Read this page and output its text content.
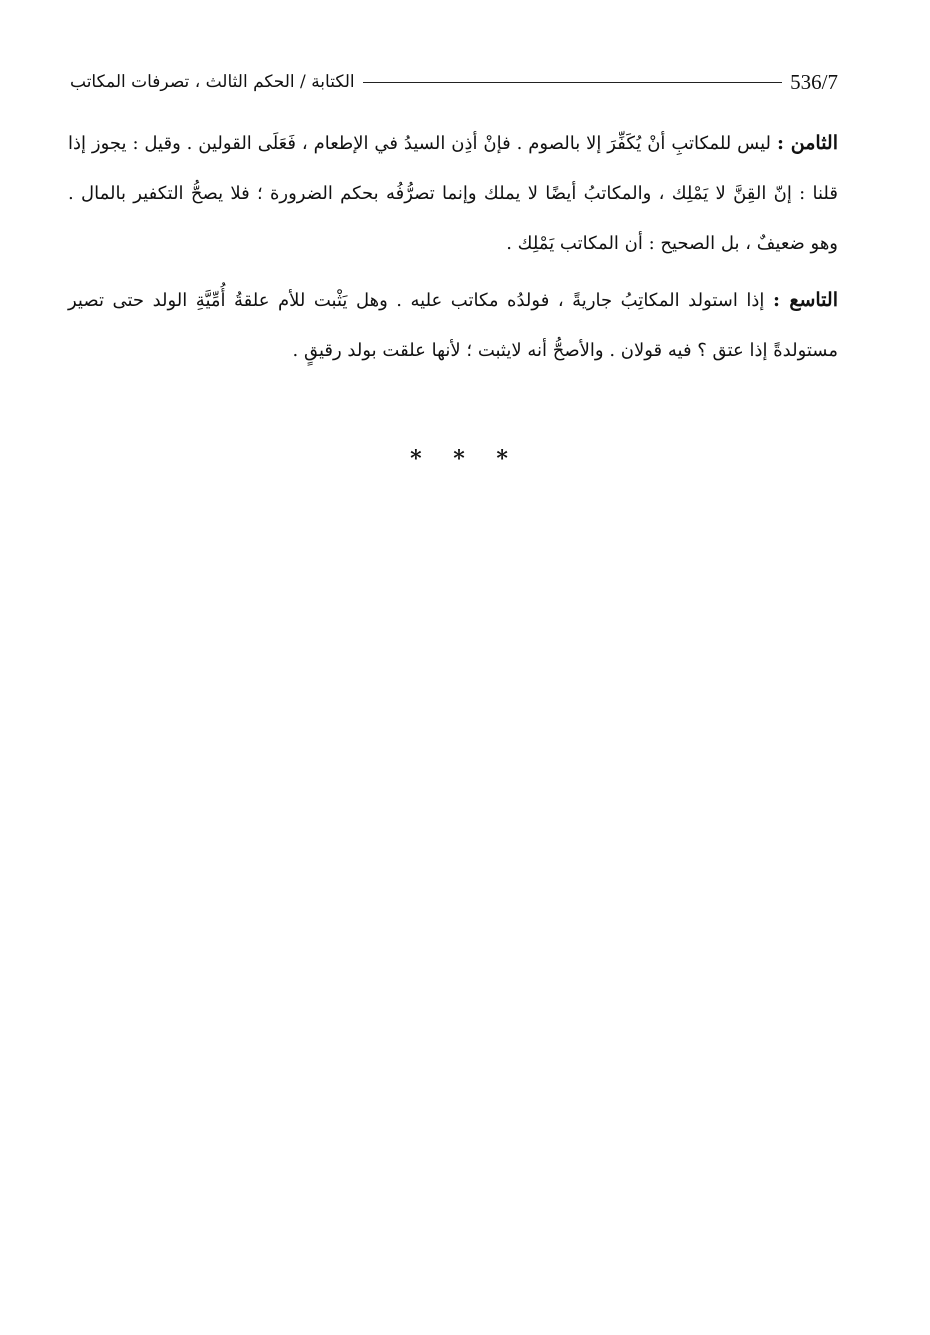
536/7
الكتابة / الحكم الثالث ، تصرفات المكاتب

الثامن : ليس للمكاتبِ أنْ يُكَفِّرَ إلا بالصوم . فإنْ أذِن السيدُ في الإطعام ، فَعَلَى القولين . وقيل : يجوز إذا قلنا : إنّ القِنَّ لا يَمْلِك ، والمكاتبُ أيضًا لا يملك وإنما تصرُّفُه بحكم الضرورة ؛ فلا يصحُّ التكفير بالمال . وهو ضعيفٌ ، بل الصحيح : أن المكاتب يَمْلِك .

التاسع : إذا استولد المكاتِبُ جاريةً ، فولدُه مكاتب عليه . وهل يَثْبت للأم علقةُ أُمِّيَّةِ الولد حتى تصير مستولدةً إذا عتق ؟ فيه قولان . والأصحُّ أنه لايثبت ؛ لأنها علقت بولد رقيقٍ .

* * *
